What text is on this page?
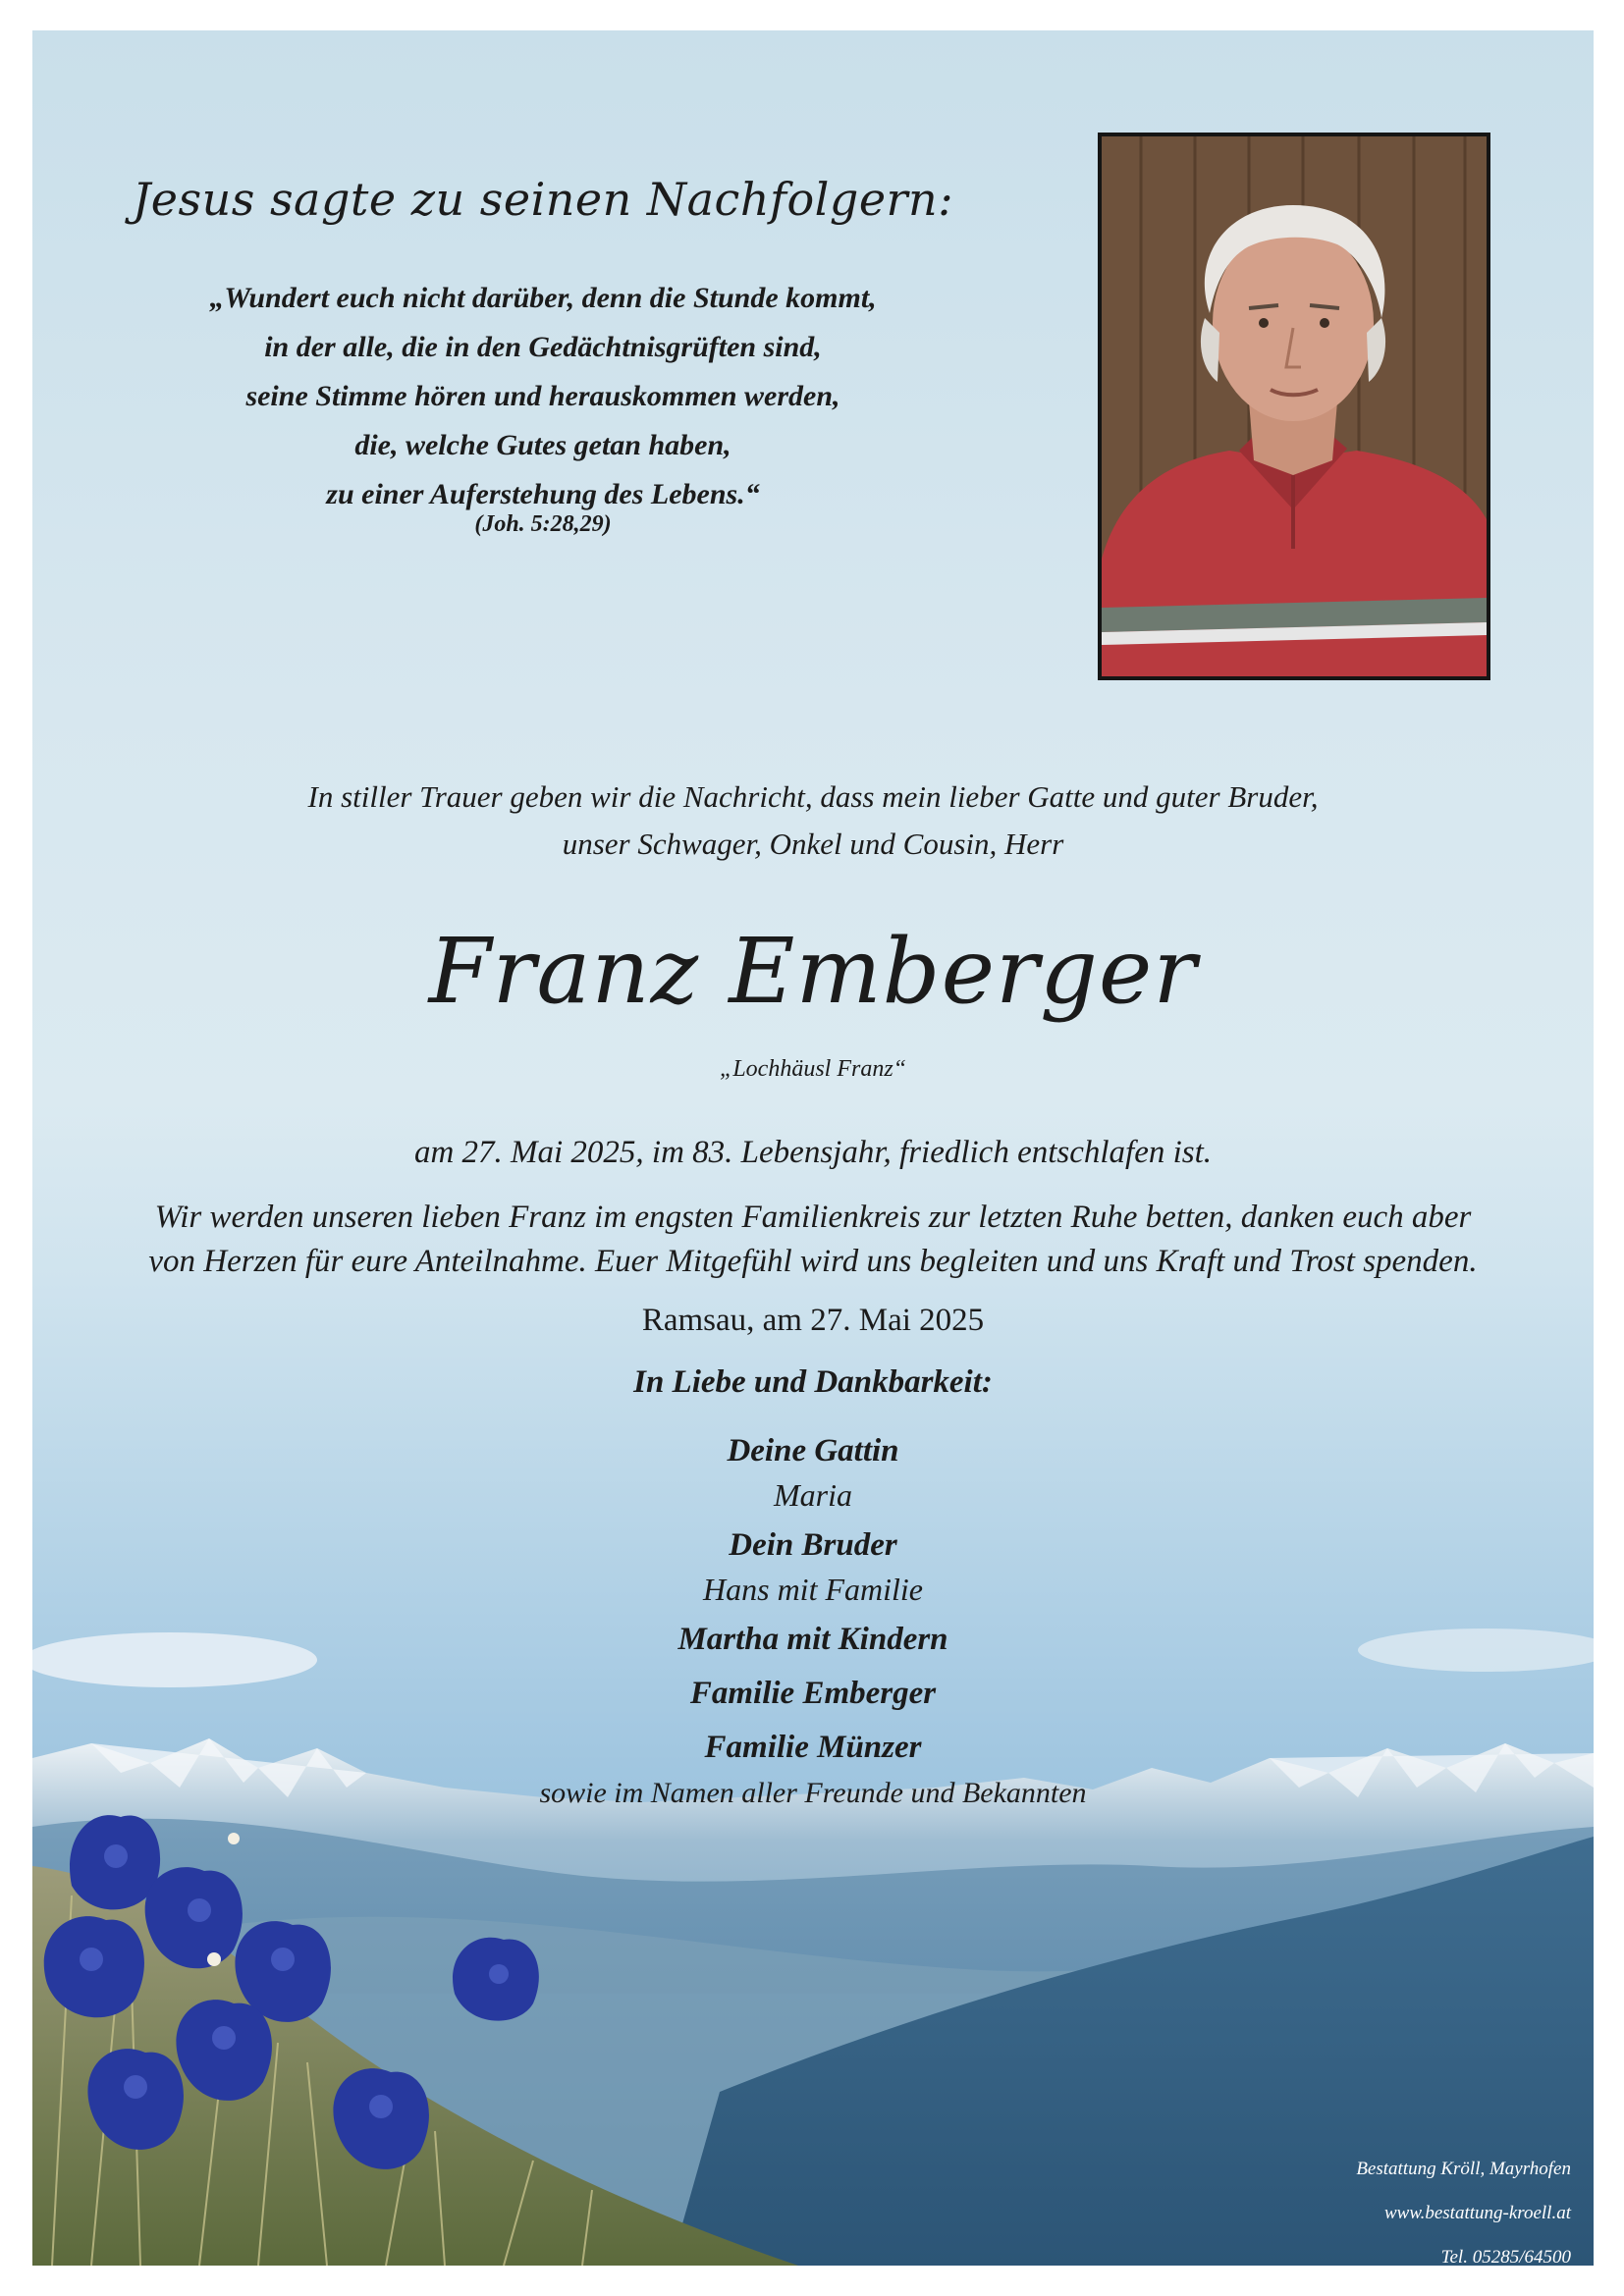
Jesus sagte zu seinen Nachfolgern:
„Wundert euch nicht darüber, denn die Stunde kommt,
in der alle, die in den Gedächtnisgrüften sind,
seine Stimme hören und herauskommen werden,
die, welche Gutes getan haben,
zu einer Auferstehung des Lebens.“
(Joh. 5:28,29)
In stiller Trauer geben wir die Nachricht, dass mein lieber Gatte und guter Bruder,
unser Schwager, Onkel und Cousin, Herr
Franz Emberger
„Lochhäusl Franz“
am 27. Mai 2025, im 83. Lebensjahr, friedlich entschlafen ist.
Wir werden unseren lieben Franz im engsten Familienkreis zur letzten Ruhe betten, danken euch aber
von Herzen für eure Anteilnahme. Euer Mitgefühl wird uns begleiten und uns Kraft und Trost spenden.
Ramsau, am 27. Mai 2025
In Liebe und Dankbarkeit:
Deine Gattin
Maria
Dein Bruder
Hans mit Familie
Martha mit Kindern
Familie Emberger
Familie Münzer
sowie im Namen aller Freunde und Bekannten
Bestattung Kröll, Mayrhofen
www.bestattung-kroell.at
Tel. 05285/64500
